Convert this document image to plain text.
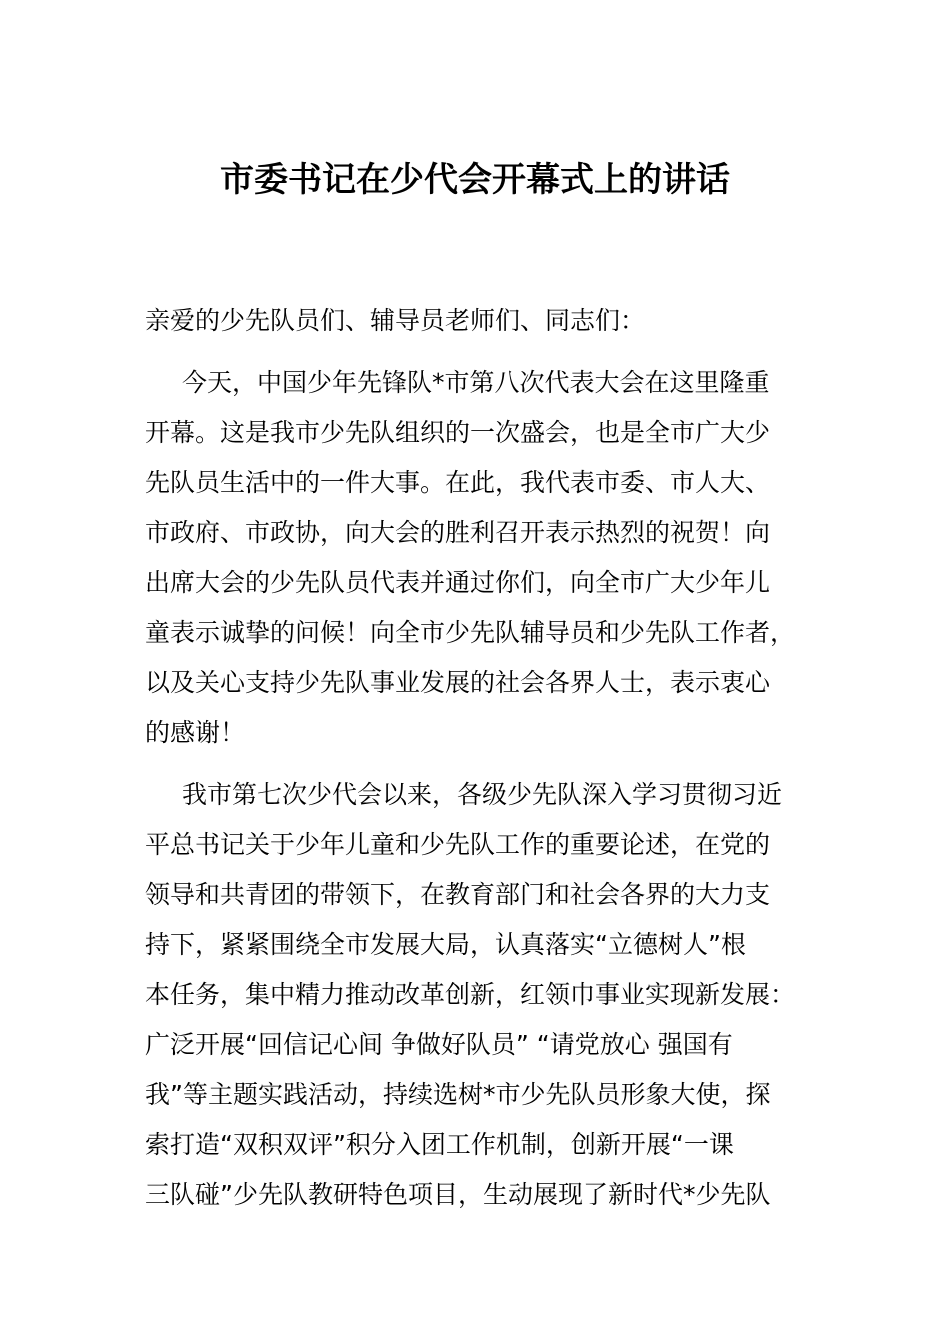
市委书记在少代会开幕式上的讲话
亲爱的少先队员们、辅导员老师们、同志们：
今天，中国少年先锋队*市第八次代表大会在这里隆重
开幕。这是我市少先队组织的一次盛会，也是全市广大少
先队员生活中的一件大事。在此，我代表市委、市人大、
市政府、市政协，向大会的胜利召开表示热烈的祝贺！向
出席大会的少先队员代表并通过你们，向全市广大少年儿
童表示诚挚的问候！向全市少先队辅导员和少先队工作者，
以及关心支持少先队事业发展的社会各界人士，表示衷心
的感谢！
我市第七次少代会以来，各级少先队深入学习贯彻习近
平总书记关于少年儿童和少先队工作的重要论述，在党的
领导和共青团的带领下，在教育部门和社会各界的大力支
持下，紧紧围绕全市发展大局，认真落实“立德树人”根
本任务，集中精力推动改革创新，红领巾事业实现新发展：
广泛开展“回信记心间 争做好队员” “请党放心 强国有
我”等主题实践活动，持续选树*市少先队员形象大使，探
索打造“双积双评”积分入团工作机制，创新开展“一课
三队碰”少先队教研特色项目，生动展现了新时代*少先队
